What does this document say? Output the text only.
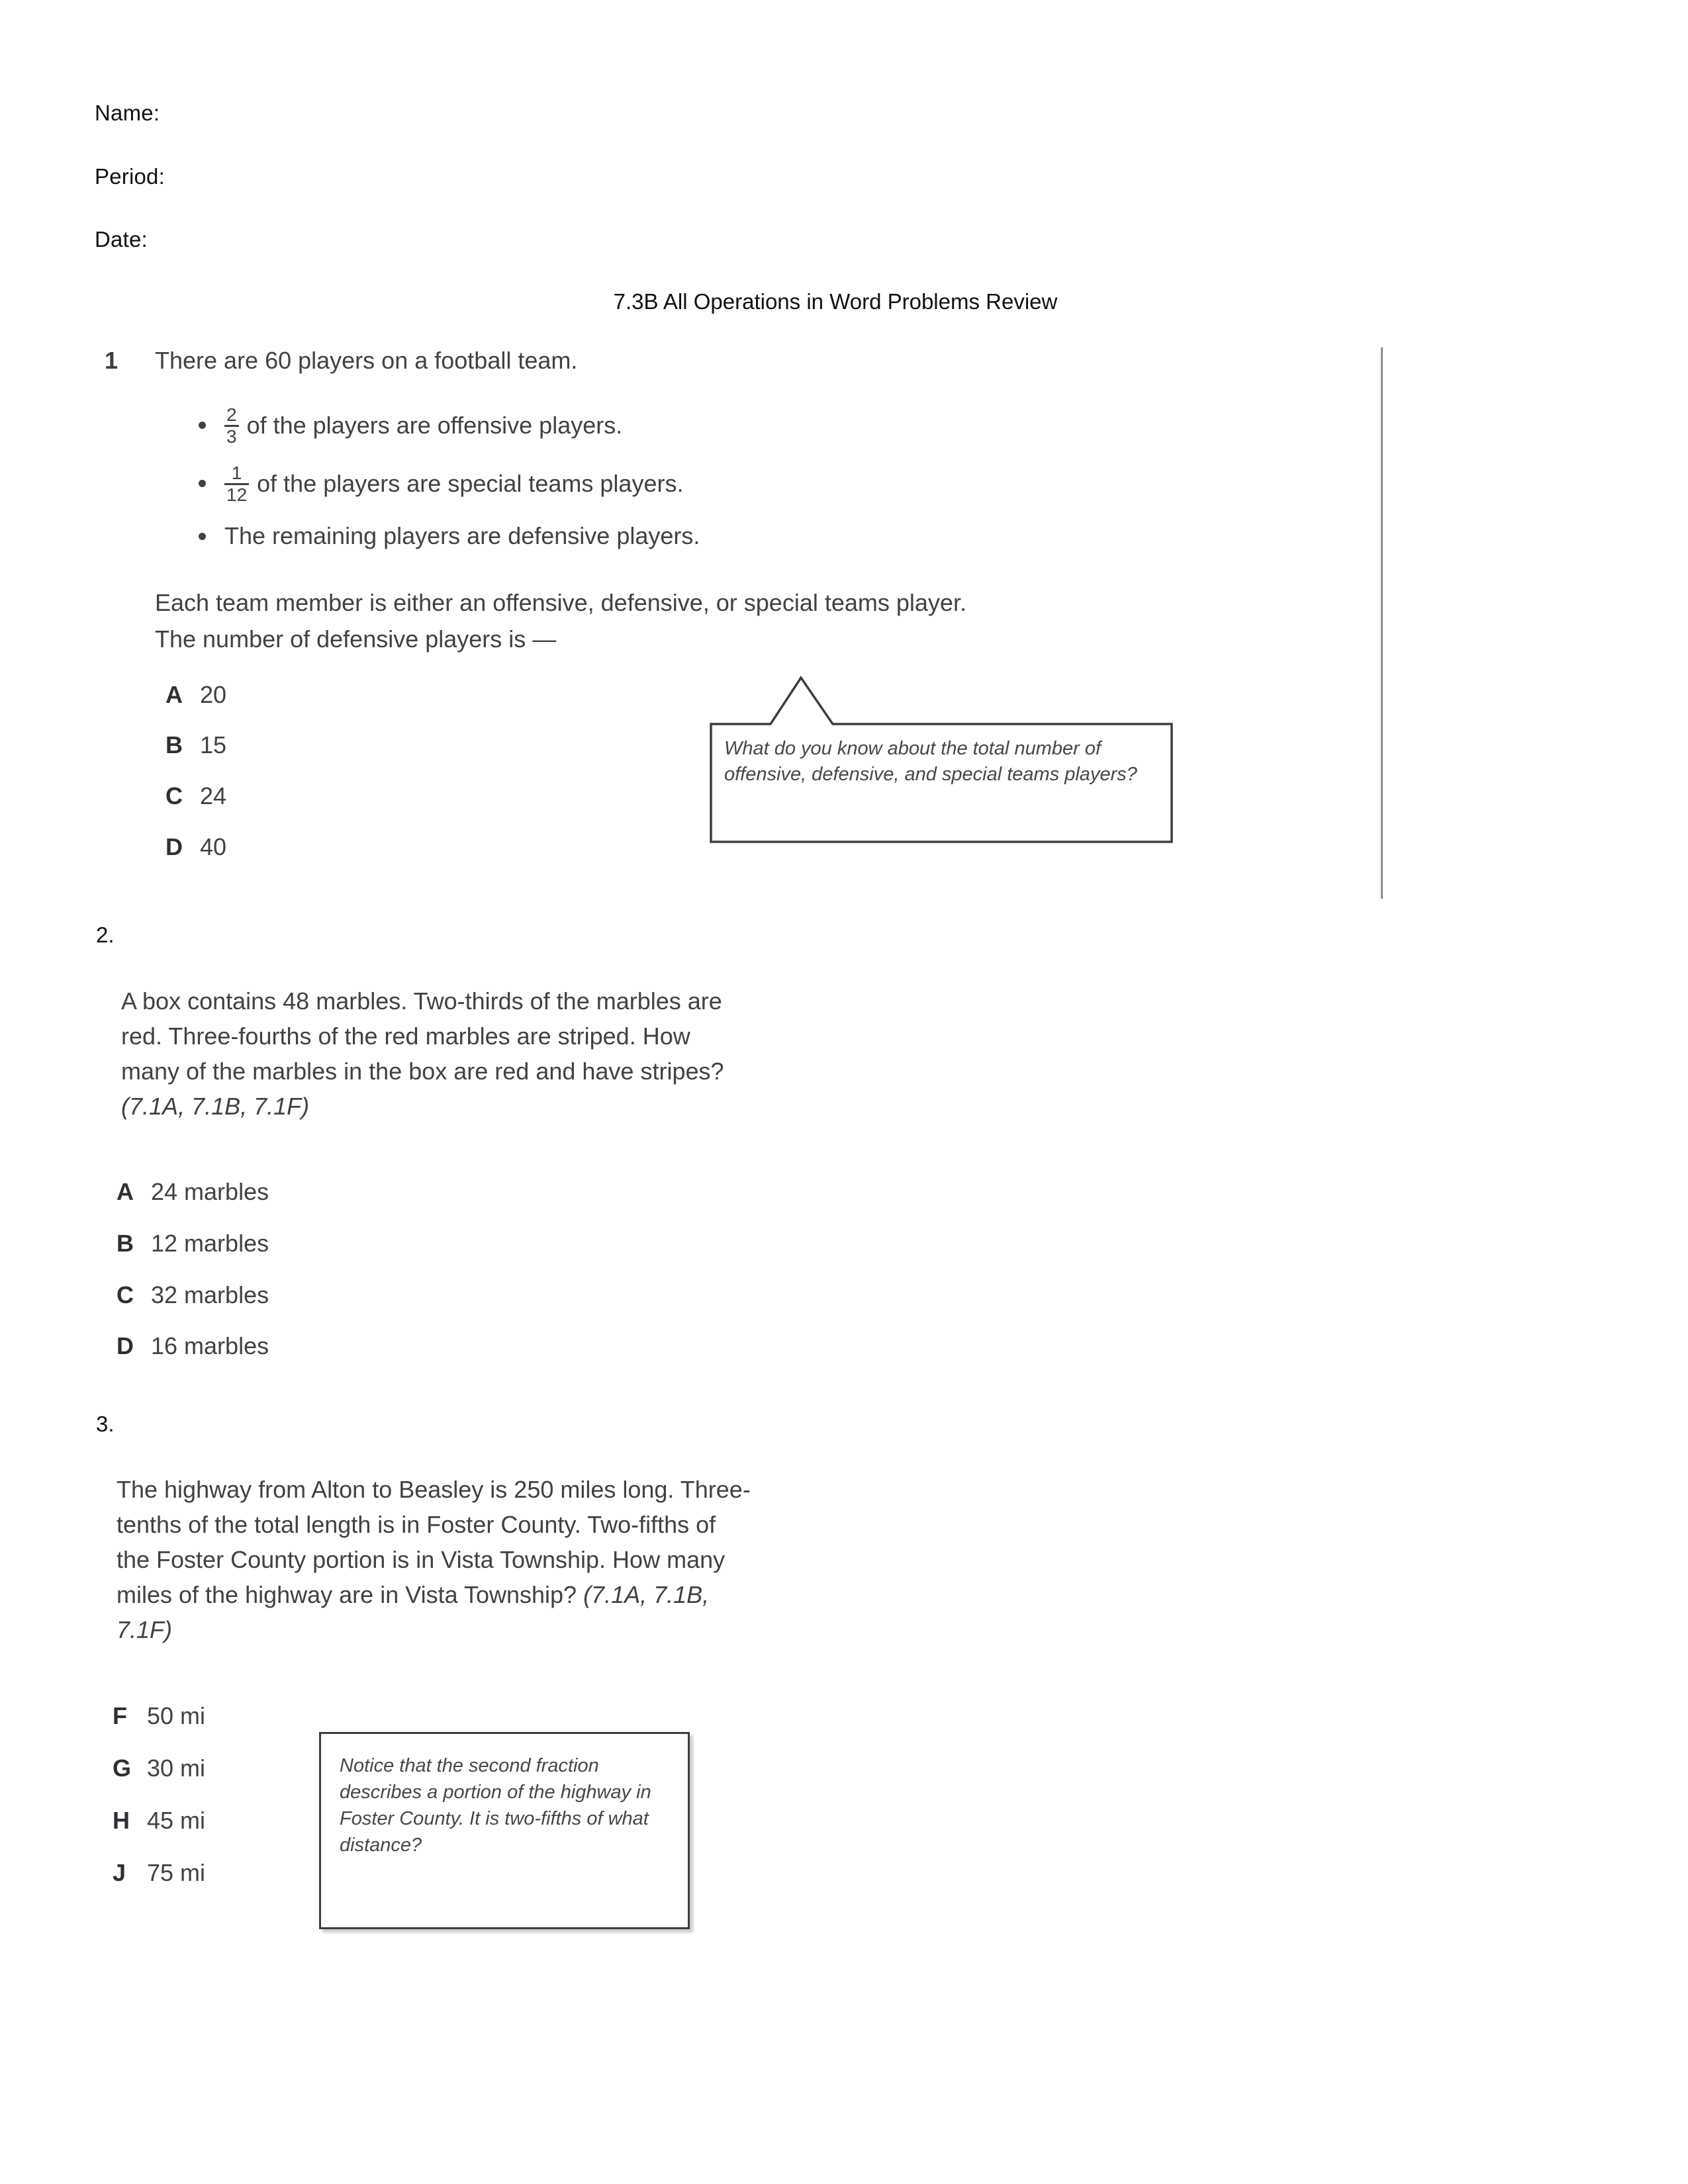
Name:
Period:
Date:
7.3B All Operations in Word Problems Review
1 There are 60 players on a football team.
$\frac{2}{3}$ of the players are offensive players.
$\frac{1}{12}$ of the players are special teams players.
The remaining players are defensive players.
Each team member is either an offensive, defensive, or special teams player.
The number of defensive players is —
A 20
B 15
C 24
D 40
What do you know about the total number of offensive, defensive, and special teams players?
2.
A box contains 48 marbles. Two-thirds of the marbles are red. Three-fourths of the red marbles are striped. How many of the marbles in the box are red and have stripes? (7.1A, 7.1B, 7.1F)
A 24 marbles
B 12 marbles
C 32 marbles
D 16 marbles
3.
The highway from Alton to Beasley is 250 miles long. Three-tenths of the total length is in Foster County. Two-fifths of the Foster County portion is in Vista Township. How many miles of the highway are in Vista Township? (7.1A, 7.1B, 7.1F)
F 50 mi
G 30 mi
H 45 mi
J 75 mi
Notice that the second fraction describes a portion of the highway in Foster County. It is two-fifths of what distance?
